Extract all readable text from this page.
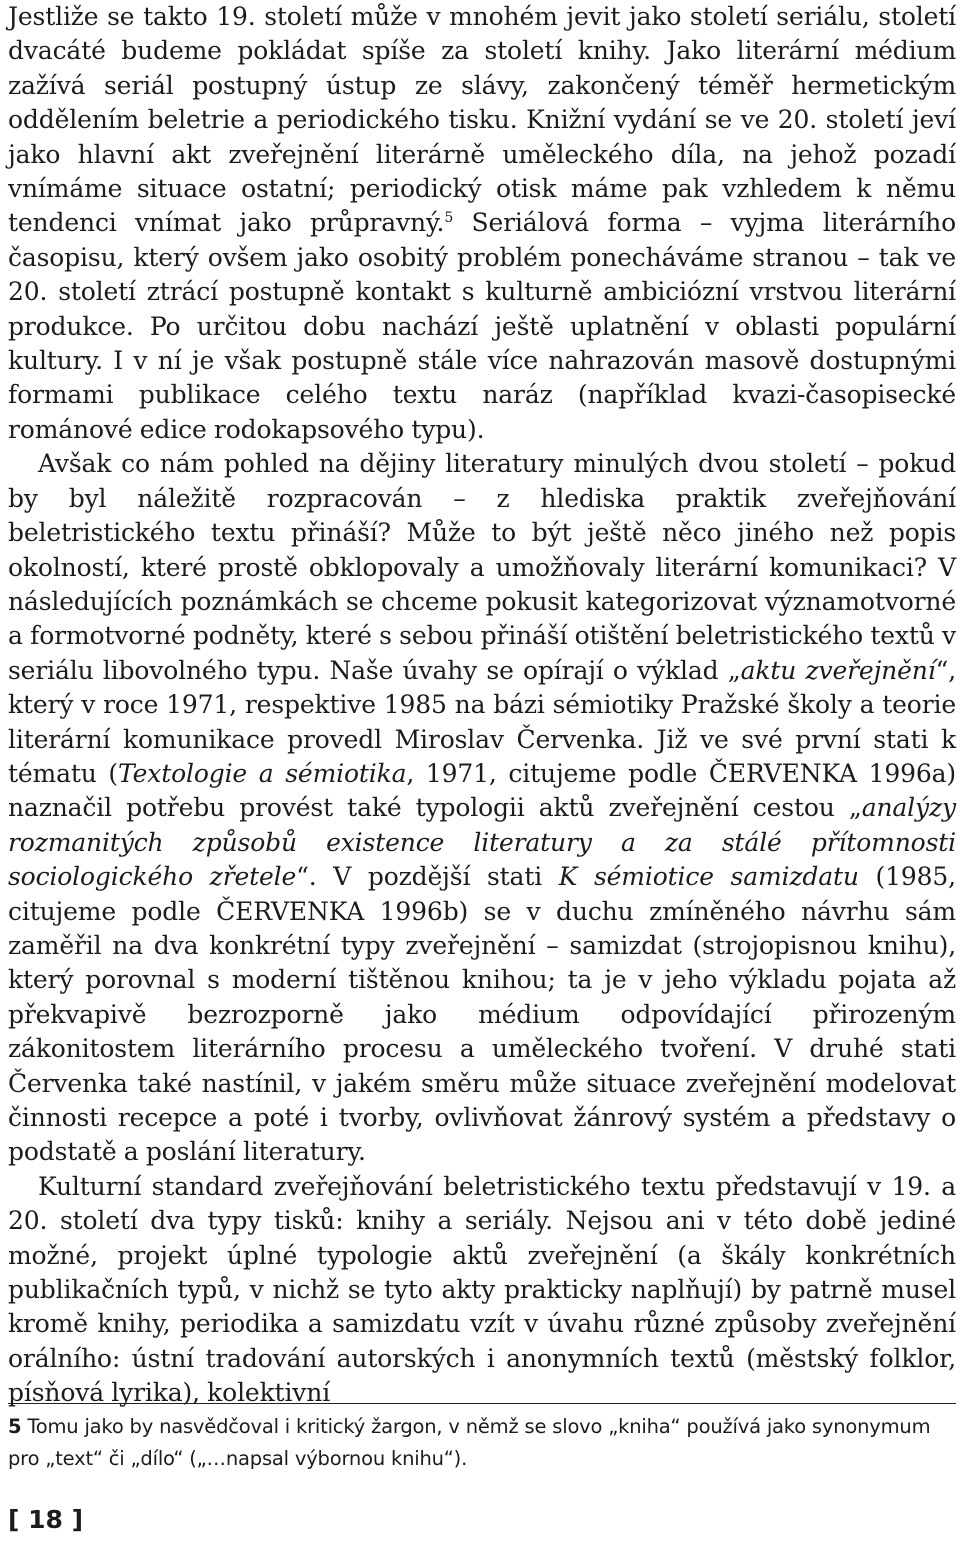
Jestliže se takto 19. století může v mnohém jevit jako století seriálu, století dvacáté budeme pokládat spíše za století knihy. Jako literární médium zažívá seriál postupný ústup ze slávy, zakončený téměř hermetickým oddělením beletrie a periodického tisku. Knižní vydání se ve 20. století jeví jako hlavní akt zveřejnění literárně uměleckého díla, na jehož pozadí vnímáme situace ostatní; periodický otisk máme pak vzhledem k němu tendenci vnímat jako průpravný.$^5$ Seriálová forma – vyjma literárního časopisu, který ovšem jako osobitý problém ponecháváme stranou – tak ve 20. století ztrácí postupně kontakt s kulturně ambiciózní vrstvou literární produkce. Po určitou dobu nachází ještě uplatnění v oblasti populární kultury. I v ní je však postupně stále více nahrazován masově dostupnými formami publikace celého textu naráz (například kvazi-časopisecké románové edice rodokapsového typu).

Avšak co nám pohled na dějiny literatury minulých dvou století – pokud by byl náležitě rozpracován – z hlediska praktik zveřejňování beletristického textu přináší? Může to být ještě něco jiného než popis okolností, které prostě obklopovaly a umožňovaly literární komunikaci? V následujících poznámkách se chceme pokusit kategorizovat významotvorné a formotvorné podněty, které s sebou přináší otištění beletristického textů v seriálu libovolného typu. Naše úvahy se opírají o výklad „aktu zveřejnění“, který v roce 1971, respektive 1985 na bázi sémiotiky Pražské školy a teorie literární komunikace provedl Miroslav Červenka. Již ve své první stati k tématu (Textologie a sémiotika, 1971, citujeme podle ČERVENKA 1996a) naznačil potřebu provést také typologii aktů zveřejnění cestou „analýzy rozmanitých způsobů existence literatury a za stálé přítomnosti sociologického zřetele“. V pozdější stati K sémiotice samizdatu (1985, citujeme podle ČERVENKA 1996b) se v duchu zmíněného návrhu sám zaměřil na dva konkrétní typy zveřejnění – samizdat (strojopisnou knihu), který porovnal s moderní tištěnou knihou; ta je v jeho výkladu pojata až překvapivě bezrozporně jako médium odpovídající přirozeným zákonitostem literárního procesu a uměleckého tvoření. V druhé stati Červenka také nastínil, v jakém směru může situace zveřejnění modelovat činnosti recepce a poté i tvorby, ovlivňovat žánrový systém a představy o podstatě a poslání literatury.

Kulturní standard zveřejňování beletristického textu představují v 19. a 20. století dva typy tisků: knihy a seriály. Nejsou ani v této době jediné možné, projekt úplné typologie aktů zveřejnění (a škály konkrétních publikačních typů, v nichž se tyto akty prakticky naplňují) by patrně musel kromě knihy, periodika a samizdatu vzít v úvahu různé způsoby zveřejnění orálního: ústní tradování autorských i anonymních textů (městský folklor, písňová lyrika), kolektivní

5 Tomu jako by nasvědčoval i kritický žargon, v němž se slovo „kniha“ používá jako synonymum pro „text“ či „dílo“ („…napsal výbornou knihu“).

[ 18 ]
